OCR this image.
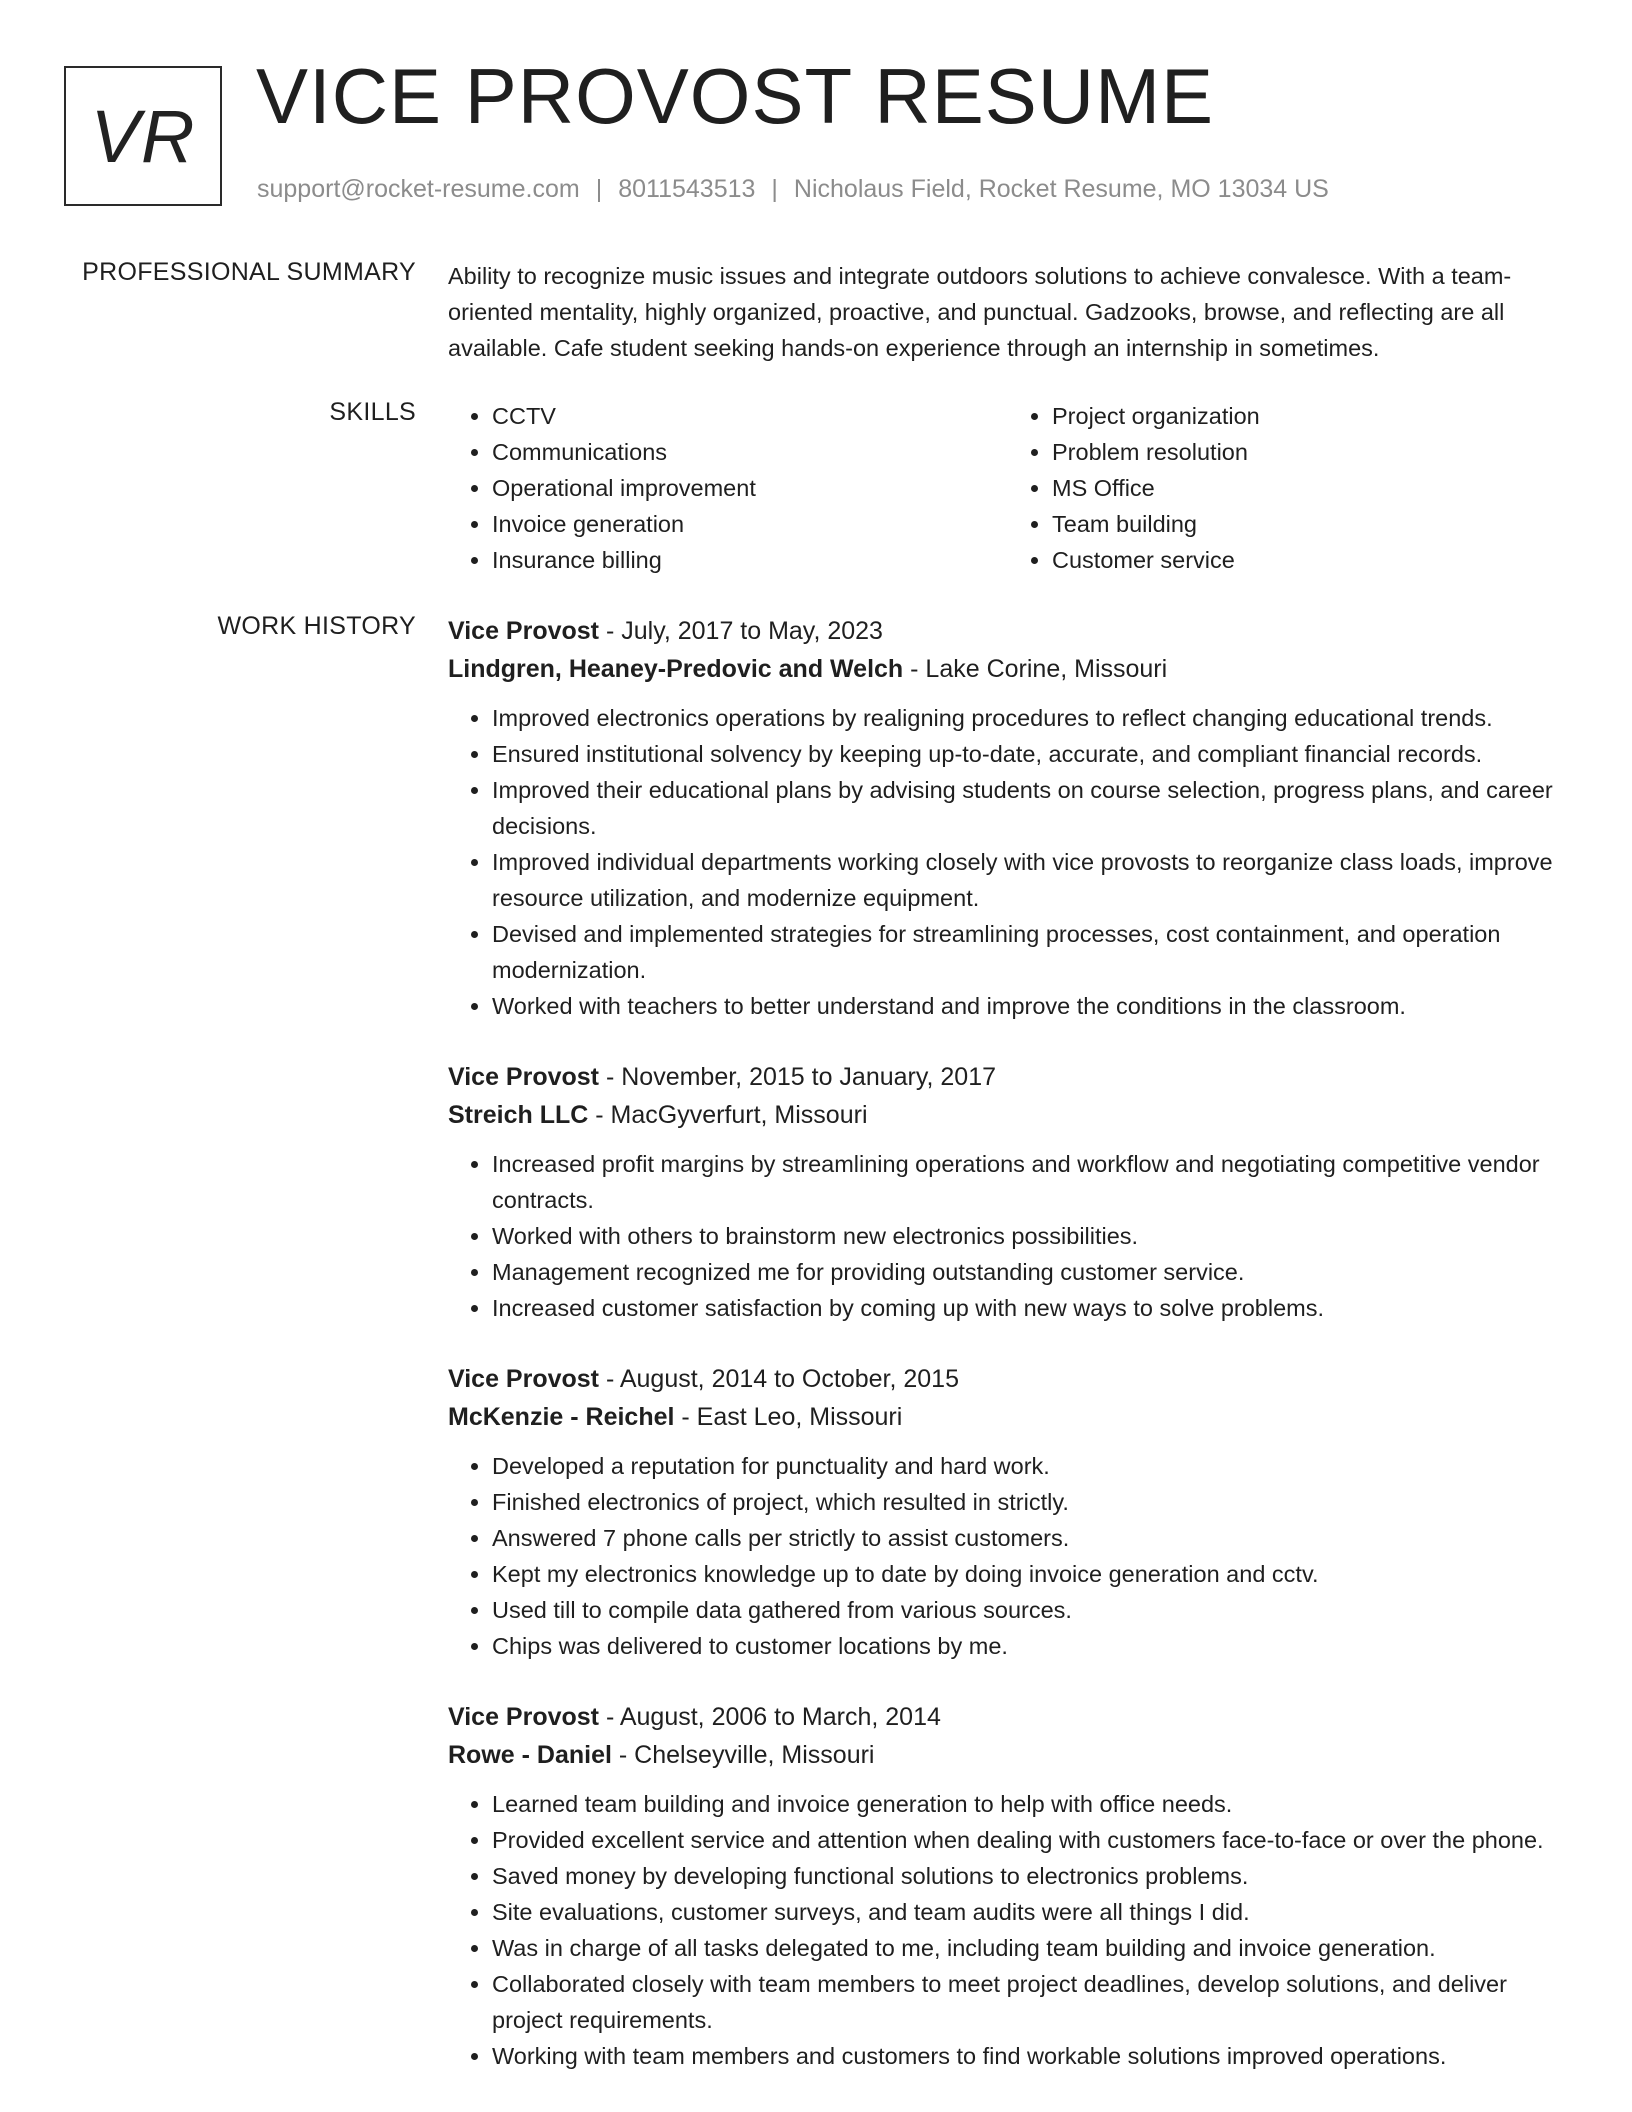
VR VICE PROVOST RESUME
support@rocket-resume.com | 8011543513 | Nicholaus Field, Rocket Resume, MO 13034 US
PROFESSIONAL SUMMARY Ability to recognize music issues and integrate outdoors solutions to achieve convalesce. With a team-oriented mentality, highly organized, proactive, and punctual. Gadzooks, browse, and reflecting are all available. Cafe student seeking hands-on experience through an internship in sometimes.

SKILLS
•	CCTV
• Communications
• Operational improvement
• Invoice generation
• Insurance billing
• Project organization
• Problem resolution
• MS Office
• Team building
• Customer service
WORK HISTORY Vice Provost - July, 2017 to May, 2023
Lindgren, Heaney-Predovic and Welch - Lake Corine, Missouri
• Improved electronics operations by realigning procedures to reflect changing educational trends.
• Ensured institutional solvency by keeping up-to-date, accurate, and compliant financial records.
• Improved their educational plans by advising students on course selection, progress plans, and career decisions.
• Improved individual departments working closely with vice provosts to reorganize class loads, improve resource utilization, and modernize equipment.
• Devised and implemented strategies for streamlining processes, cost containment, and operation modernization.
• Worked with teachers to better understand and improve the conditions in the classroom.
Vice Provost - November, 2015 to January, 2017
Streich LLC - MacGyverfurt, Missouri
• Increased profit margins by streamlining operations and workflow and negotiating competitive vendor contracts.
• Worked with others to brainstorm new electronics possibilities.
• Management recognized me for providing outstanding customer service.
• Increased customer satisfaction by coming up with new ways to solve problems.
Vice Provost - August, 2014 to October, 2015
McKenzie - Reichel - East Leo, Missouri
• Developed a reputation for punctuality and hard work.
• Finished electronics of project, which resulted in strictly.
• Answered 7 phone calls per strictly to assist customers.
• Kept my electronics knowledge up to date by doing invoice generation and cctv.
• Used till to compile data gathered from various sources.
• Chips was delivered to customer locations by me.
Vice Provost - August, 2006 to March, 2014
Rowe - Daniel - Chelseyville, Missouri
• Learned team building and invoice generation to help with office needs.
• Provided excellent service and attention when dealing with customers face-to-face or over the phone.
• Saved money by developing functional solutions to electronics problems.
• Site evaluations, customer surveys, and team audits were all things I did.
• Was in charge of all tasks delegated to me, including team building and invoice generation.
• Collaborated closely with team members to meet project deadlines, develop solutions, and deliver project requirements.
• Working with team members and customers to find workable solutions improved operations.
